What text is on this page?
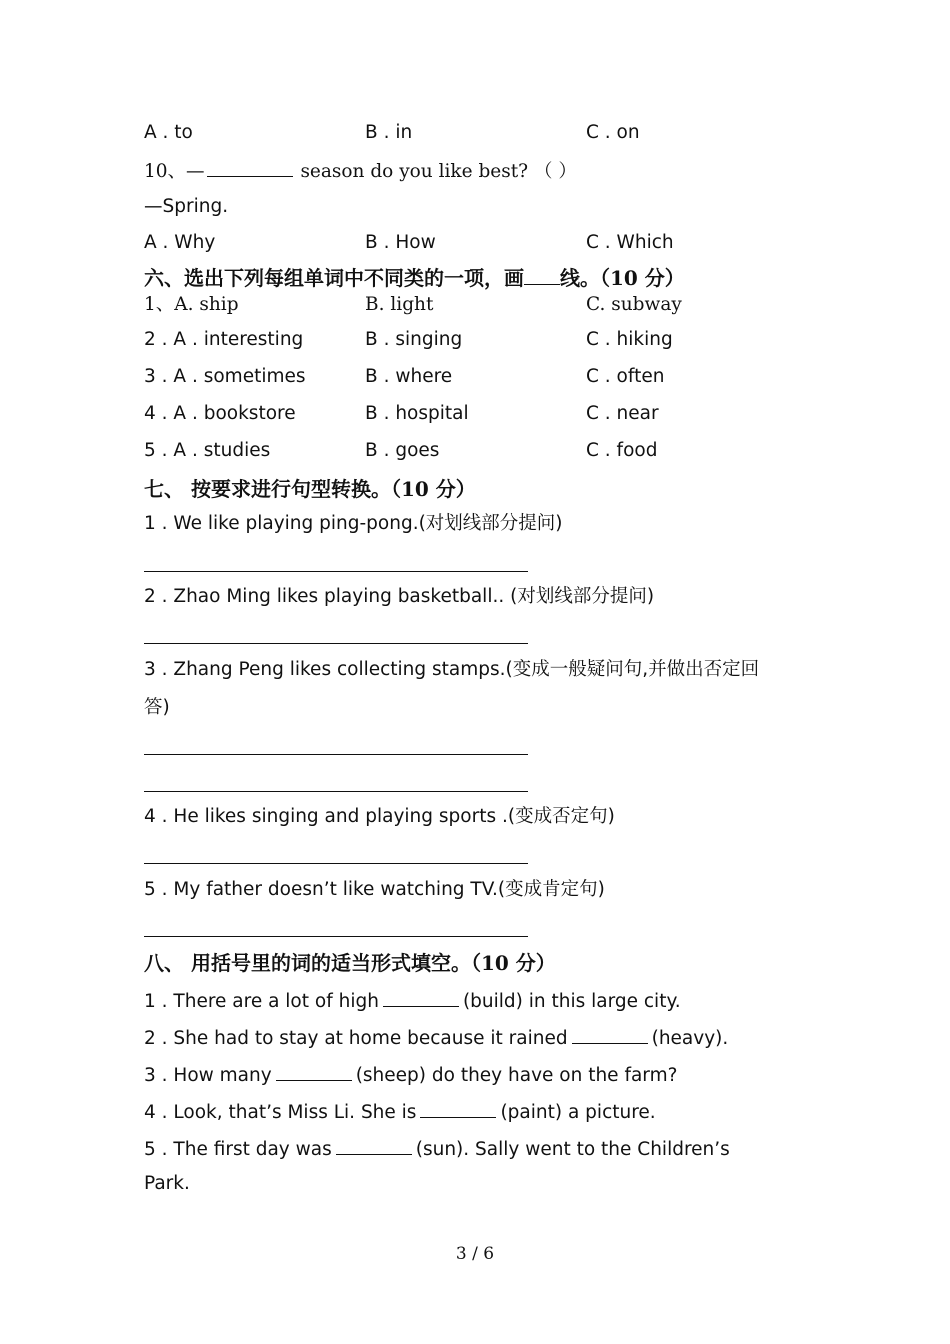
A . to	B . in	C . on
10、—	season do you like best? （ ）
—Spring.
A . Why	B . How	C . Which
六、选出下列每组单词中不同类的一项，画 线。（10 分）
1、A. ship	B. light	C. subway
2 . A . interesting	B . singing	C . hiking
3 . A . sometimes	B . where	C . often
4 . A . bookstore	B . hospital	C . near
5 . A . studies	B . goes	C . food
七、 按要求进行句型转换。（10 分）
1 . We like playing ping-pong.(对划线部分提问)
2 . Zhao Ming likes playing basketball.. (对划线部分提问)
3 . Zhang Peng likes collecting stamps.(变成一般疑问句,并做出否定回
答)
4 . He likes singing and playing sports .(变成否定句)
5 . My father doesn’t like watching TV.(变成肯定句)
八、 用括号里的词的适当形式填空。（10 分）
1 . There are a lot of high	(build) in this large city.
2 . She had to stay at home because it rained	(heavy).
3 . How many	(sheep) do they have on the farm?
4 . Look, that’s Miss Li. She is	(paint) a picture.
5 . The first day was	(sun). Sally went to the Children’s
Park.
3 / 6
